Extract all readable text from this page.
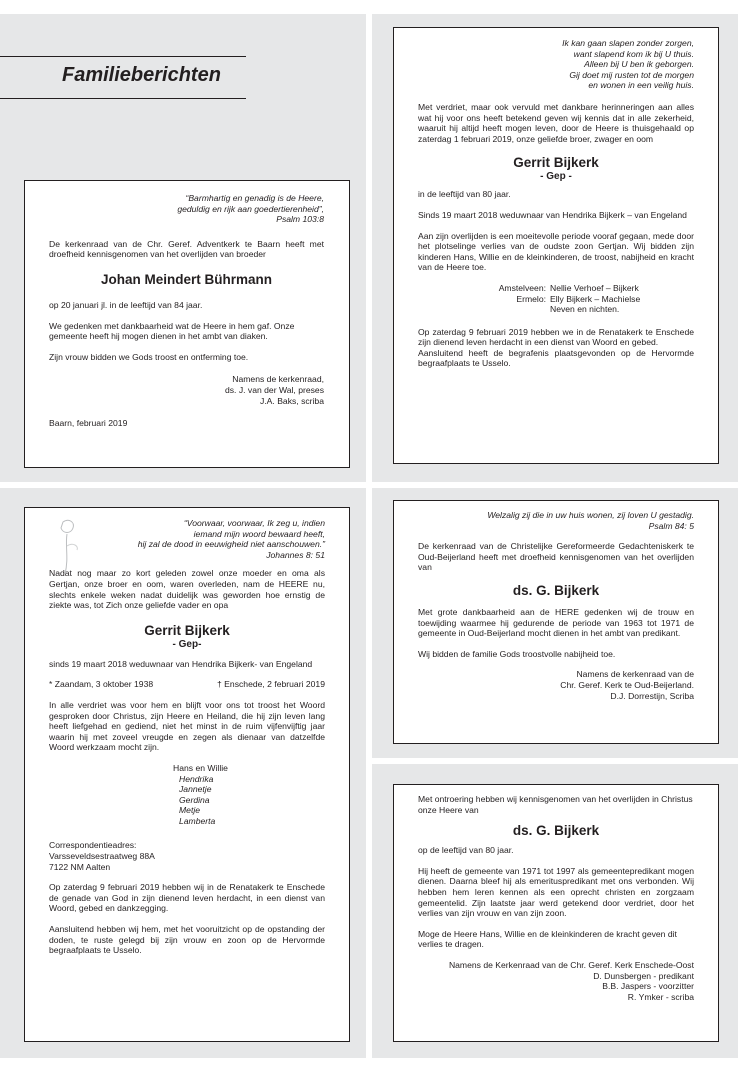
Familieberichten

“Barmhartig en genadig is de Heere,

geduldig en rijk aan goedertierenheid”,

Psalm 103:8

De kerkenraad van de Chr. Geref. Adventkerk te Baarn heeft met droefheid kennisgenomen van het overlijden van broeder

Johan Meindert Bührmann

op 20 januari jl. in de leeftijd van 84 jaar.

We gedenken met dankbaarheid wat de Heere in hem gaf. Onze gemeente heeft hij mogen dienen in het ambt van diaken.

Zijn vrouw bidden we Gods troost en ontferming toe.

Namens de kerkenraad,

ds. J. van der Wal, preses

J.A. Baks, scriba

Baarn, februari 2019

Ik kan gaan slapen zonder zorgen,

want slapend kom ik bij U thuis.

Alleen bij U ben ik geborgen.

Gij doet mij rusten tot de morgen

en wonen in een veilig huis.

Met verdriet, maar ook vervuld met dankbare herinneringen aan alles wat hij voor ons heeft betekend geven wij kennis dat in alle zekerheid, waaruit hij altijd heeft mogen leven, door de Heere is thuisgehaald op zaterdag 1 februari 2019, onze geliefde broer, zwager en oom

Gerrit Bijkerk

- Gep -

in de leeftijd van 80 jaar.

Sinds 19 maart 2018 weduwnaar van Hendrika Bijkerk – van Engeland

Aan zijn overlijden is een moeitevolle periode vooraf gegaan, mede door het plotselinge verlies van de oudste zoon Gertjan. Wij bidden zijn kinderen Hans, Willie en de kleinkinderen, de troost, nabijheid en kracht van de Heere toe.

Amstelveen: Nellie Verhoef – Bijkerk
Ermelo: Elly Bijkerk – Machielse
Neven en nichten.

Op zaterdag 9 februari 2019 hebben we in de Renatakerk te Enschede zijn dienend leven herdacht in een dienst van Woord en gebed.

Aansluitend heeft de begrafenis plaatsgevonden op de Hervormde begraafplaats te Usselo.

“Voorwaar, voorwaar, Ik zeg u, indien

iemand mijn woord bewaard heeft,

hij zal de dood in eeuwigheid niet aanschouwen.”

Johannes 8: 51

Nadat nog maar zo kort geleden zowel onze moeder en oma als Gertjan, onze broer en oom, waren overleden, nam de HEERE nu, slechts enkele weken nadat duidelijk was geworden hoe ernstig de ziekte was, tot Zich onze geliefde vader en opa

Gerrit Bijkerk

- Gep-

sinds 19 maart 2018 weduwnaar van Hendrika Bijkerk- van Engeland

* Zaandam, 3 oktober 1938	† Enschede, 2 februari 2019

In alle verdriet was voor hem en blijft voor ons tot troost het Woord gesproken door Christus, zijn Heere en Heiland, die hij zijn leven lang heeft liefgehad en gediend, niet het minst in de ruim vijfenvijftig jaar waarin hij met zoveel vreugde en zegen als dienaar van datzelfde Woord werkzaam mocht zijn.

Hans en Willie

Hendrika

Jannetje

Gerdina

Metje

Lamberta

Correspondentieadres:

Varsseveldsestraatweg 88A

7122 NM Aalten

Op zaterdag 9 februari 2019 hebben wij in de Renatakerk te Enschede de genade van God in zijn dienend leven herdacht, in een dienst van Woord, gebed en dankzegging.

Aansluitend hebben wij hem, met het vooruitzicht op de opstanding der doden, te ruste gelegd bij zijn vrouw en zoon op de Hervormde begraafplaats te Usselo.

Welzalig zij die in uw huis wonen, zij loven U gestadig.

Psalm 84: 5

De kerkenraad van de Christelijke Gereformeerde Gedachteniskerk te Oud-Beijerland heeft met droefheid kennisgenomen van het overlijden van

ds. G. Bijkerk

Met grote dankbaarheid aan de HERE gedenken wij de trouw en toewijding waarmee hij gedurende de periode van 1963 tot 1971 de gemeente in Oud-Beijerland mocht dienen in het ambt van predikant.

Wij bidden de familie Gods troostvolle nabijheid toe.

Namens de kerkenraad van de

Chr. Geref. Kerk te Oud-Beijerland.

D.J. Dorrestijn, Scriba

Met ontroering hebben wij kennisgenomen van het overlijden in Christus onze Heere van

ds. G. Bijkerk

op de leeftijd van 80 jaar.

Hij heeft de gemeente van 1971 tot 1997 als gemeentepredikant mogen dienen. Daarna bleef hij als emerituspredikant met ons verbonden. Wij hebben hem leren kennen als een oprecht christen en zorgzaam gemeentelid. Zijn laatste jaar werd getekend door verdriet, door het verlies van zijn vrouw en van zijn zoon.

Moge de Heere Hans, Willie en de kleinkinderen de kracht geven dit verlies te dragen.

Namens de Kerkenraad van de Chr. Geref. Kerk Enschede-Oost

D. Dunsbergen - predikant

B.B. Jaspers - voorzitter

R. Ymker - scriba
